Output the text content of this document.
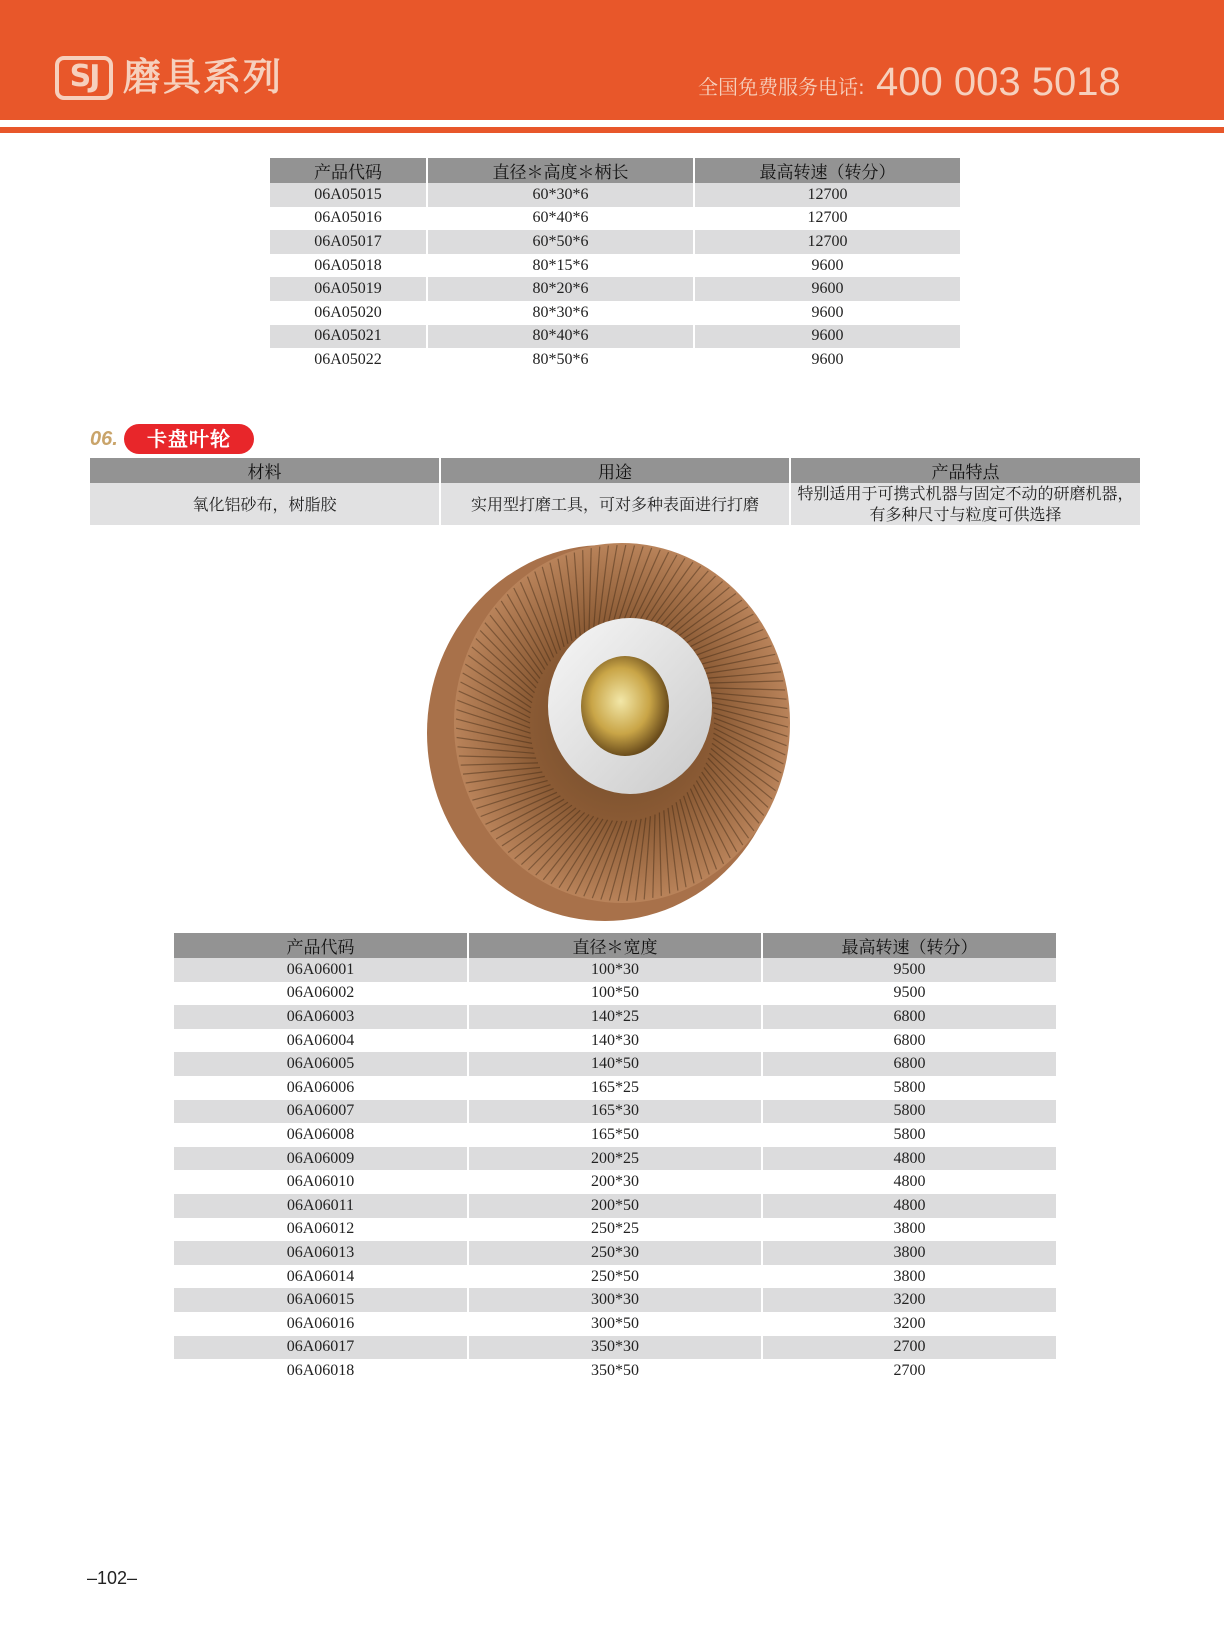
SJ 磨具系列	全国免费服务电话: 400 003 5018
产品代码	直径＊高度＊柄长	最高转速（转分）
06A05015	60*30*6	12700
06A05016	60*40*6	12700
06A05017	60*50*6	12700
06A05018	80*15*6	9600
06A05019	80*20*6	9600
06A05020	80*30*6	9600
06A05021	80*40*6	9600
06A05022	80*50*6	9600
06.	卡盘叶轮
材料	用途	产品特点
氧化铝砂布，树脂胶	实用型打磨工具，可对多种表面进行打磨	特别适用于可携式机器与固定不动的研磨机器，有多种尺寸与粒度可供选择
产品代码	直径＊宽度	最高转速（转分）
06A06001	100*30	9500
06A06002	100*50	9500
06A06003	140*25	6800
06A06004	140*30	6800
06A06005	140*50	6800
06A06006	165*25	5800
06A06007	165*30	5800
06A06008	165*50	5800
06A06009	200*25	4800
06A06010	200*30	4800
06A06011	200*50	4800
06A06012	250*25	3800
06A06013	250*30	3800
06A06014	250*50	3800
06A06015	300*30	3200
06A06016	300*50	3200
06A06017	350*30	2700
06A06018	350*50	2700
–102–
